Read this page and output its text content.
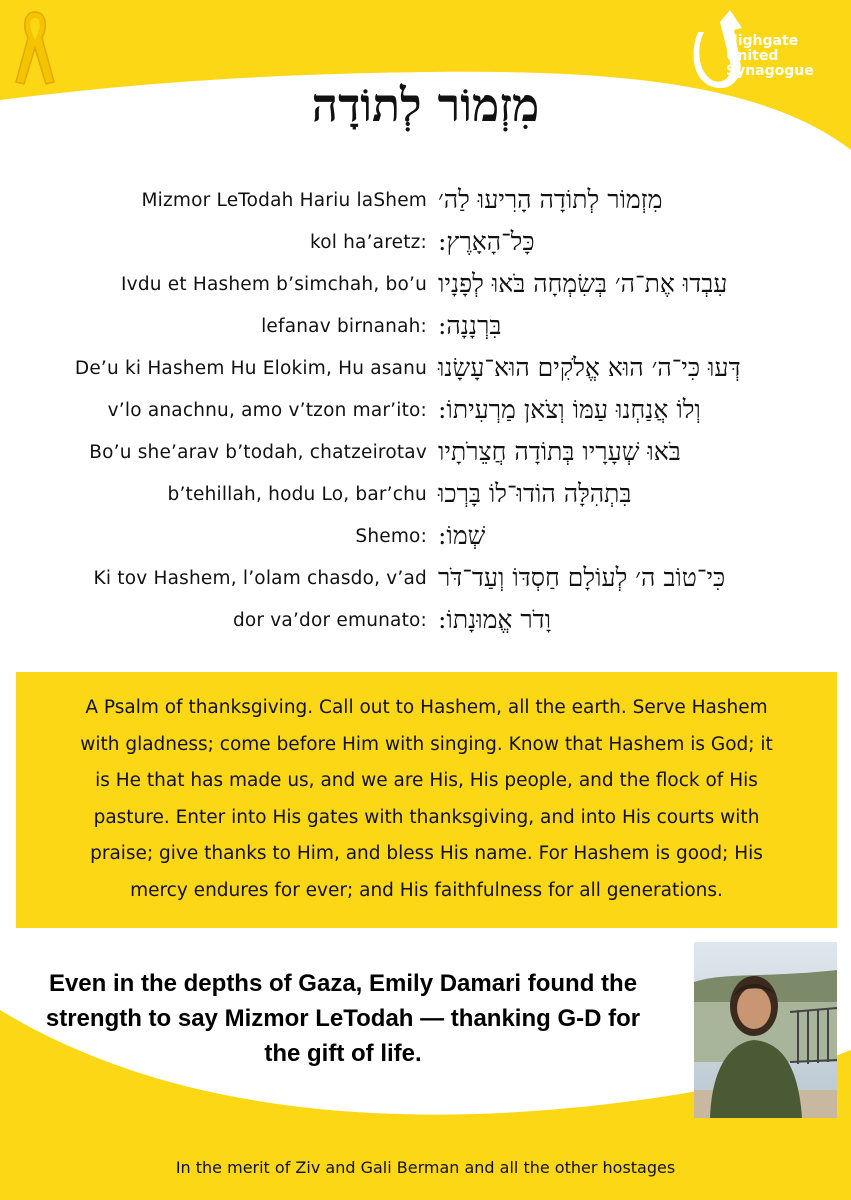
Highgate
United
Synagogue
מִזְמוֹר לְתוֹדָה
Mizmor LeTodah Hariu laShem מִזְמוֹר לְתוֹדָה הָרִיעוּ לַה׳
kol ha’aretz: כָּל־הָאָרֶץ:
Ivdu et Hashem b’simchah, bo’u עִבְדוּ אֶת־ה׳ בְּשִׂמְחָה בֹּאוּ לְפָנָיו
lefanav birnanah: בִּרְנָנָה:
De’u ki Hashem Hu Elokim, Hu asanu דְּעוּ כִּי־ה׳ הוּא אֱלֹקִים הוּא־עָשָׂנוּ
v’lo anachnu, amo v’tzon mar’ito: וְלוֹ אֲנַחְנוּ עַמּוֹ וְצֹאן מַרְעִיתוֹ:
Bo’u she’arav b’todah, chatzeirotav בֹּאוּ שְׁעָרָיו בְּתוֹדָה חֲצֵרֹתָיו
b’tehillah, hodu Lo, bar’chu בִּתְהִלָּה הוֹדוּ־לוֹ בָּרְכוּ
Shemo: שְׁמוֹ:
Ki tov Hashem, l’olam chasdo, v’ad כִּי־טוֹב ה׳ לְעוֹלָם חַסְדּוֹ וְעַד־דֹּר
dor va’dor emunato: וָדֹר אֱמוּנָתוֹ:
A Psalm of thanksgiving. Call out to Hashem, all the earth. Serve Hashem
with gladness; come before Him with singing. Know that Hashem is God; it
is He that has made us, and we are His, His people, and the flock of His
pasture. Enter into His gates with thanksgiving, and into His courts with
praise; give thanks to Him, and bless His name. For Hashem is good; His
mercy endures for ever; and His faithfulness for all generations.
Even in the depths of Gaza, Emily Damari found the
strength to say Mizmor LeTodah — thanking G-D for
the gift of life.
In the merit of Ziv and Gali Berman and all the other hostages
